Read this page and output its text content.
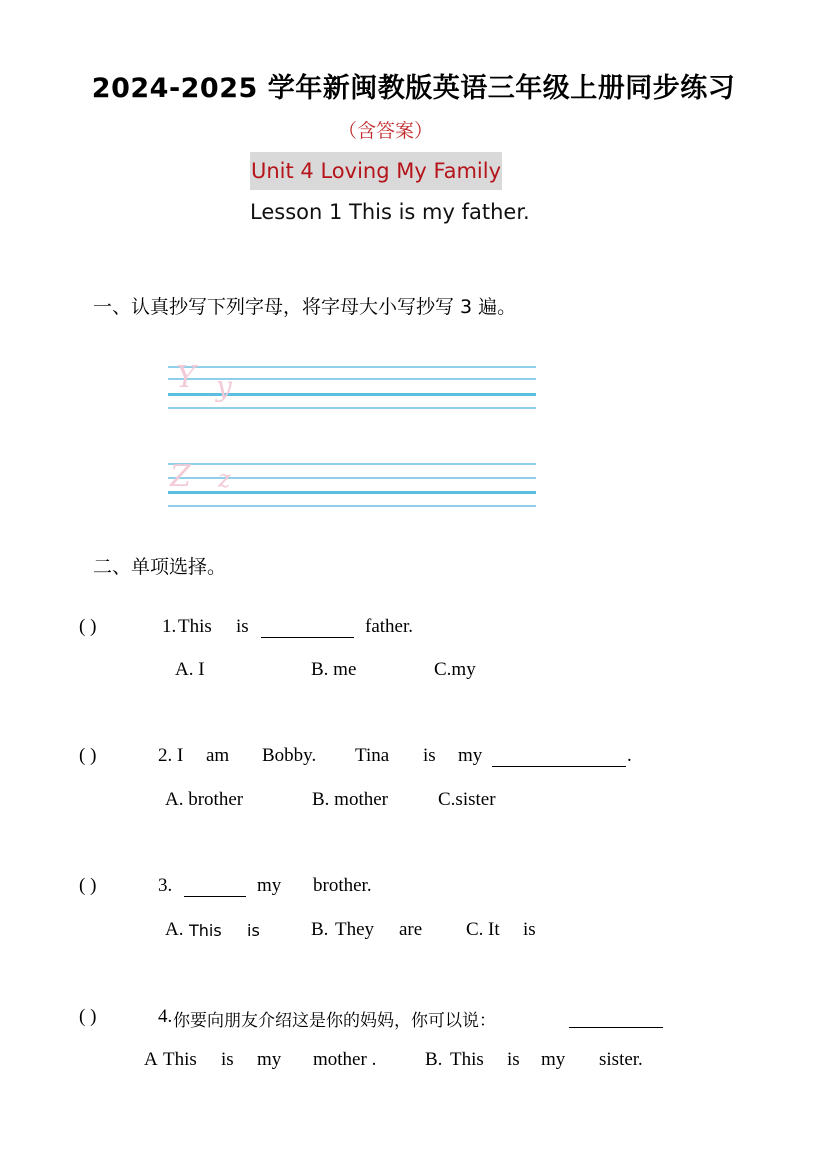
2024-2025 学年新闽教版英语三年级上册同步练习
（含答案）
Unit 4 Loving My Family
Lesson 1 This is my father.
一、认真抄写下列字母，将字母大小写抄写 3 遍。
Y y
Z z
二、单项选择。
( )	1. This is	father.
A. I	B. me	C.my
( )	2. I am Bobby. Tina is my	.
A. brother	B. mother	C.sister
( )	3.	my brother.
A. This is	B. They are C. It is
( )	4. 你要向朋友介绍这是你的妈妈，你可以说：
A This is my mother .	B. This is my sister.
